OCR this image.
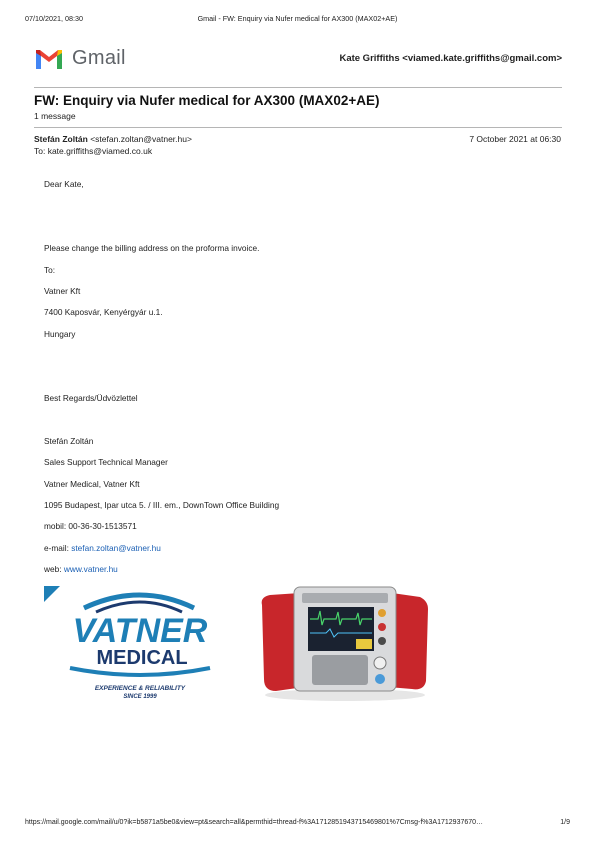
07/10/2021, 08:30	Gmail - FW: Enquiry via Nufer medical for AX300 (MAX02+AE)
Gmail	Kate Griffiths <viamed.kate.griffiths@gmail.com>
FW: Enquiry via Nufer medical for AX300 (MAX02+AE)
1 message
Stefán Zoltán <stefan.zoltan@vatner.hu>	7 October 2021 at 06:30
To: kate.griffiths@viamed.co.uk
Dear Kate,
Please change the billing address on the proforma invoice.
To:
Vatner Kft
7400 Kaposvár, Kenyérgyár u.1.
Hungary
Best Regards/Üdvözlettel
Stefán Zoltán
Sales Support Technical Manager
Vatner Medical, Vatner Kft
1095 Budapest, Ipar utca 5. / III. em., DownTown Office Building
mobil: 00-36-30-1513571
e-mail: stefan.zoltan@vatner.hu
web: www.vatner.hu
VATNER
MEDICAL
EXPERIENCE & RELIABILITY
SINCE 1999
https://mail.google.com/mail/u/0?ik=b5871a5be0&view=pt&search=all&permthid=thread-f%3A1712851943715469801%7Cmsg-f%3A1712937670…	1/9
